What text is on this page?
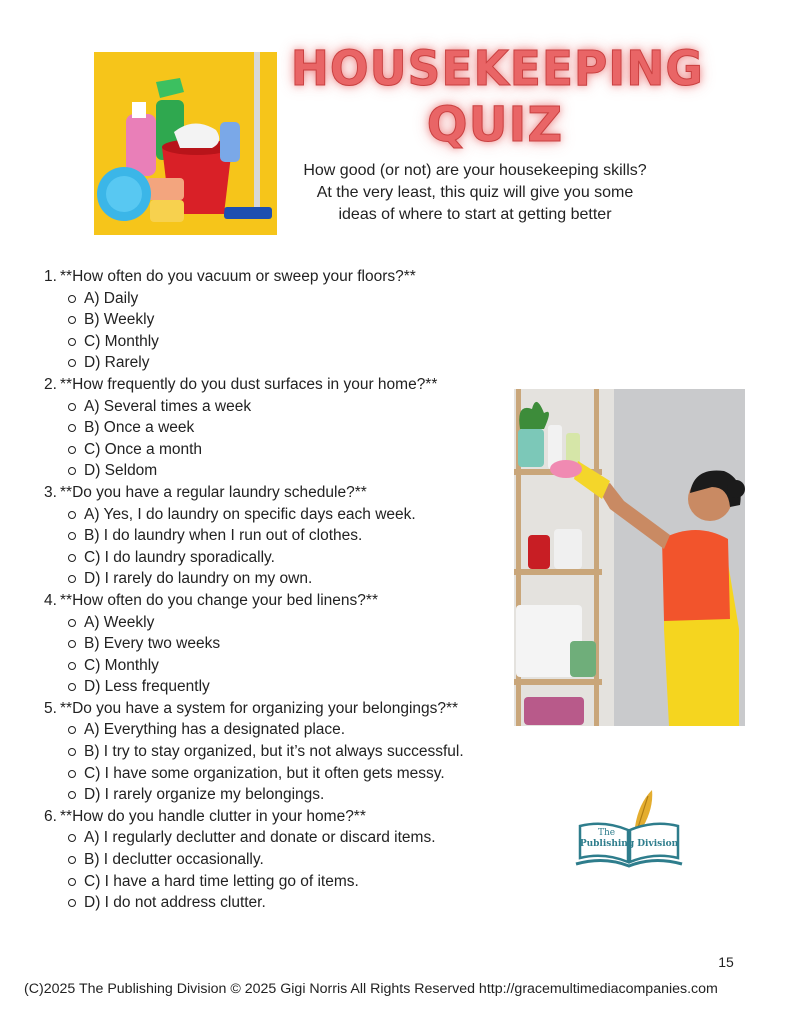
HOUSEKEEPING
QUIZ
How good (or not) are your housekeeping skills?
At the very least, this quiz will give you some
ideas of where to start at getting better
1. **How often do you vacuum or sweep your floors?**
A) Daily
B) Weekly
C) Monthly
D) Rarely
2. **How frequently do you dust surfaces in your home?**
A) Several times a week
B) Once a week
C) Once a month
D) Seldom
3. **Do you have a regular laundry schedule?**
A) Yes, I do laundry on specific days each week.
B) I do laundry when I run out of clothes.
C) I do laundry sporadically.
D) I rarely do laundry on my own.
4. **How often do you change your bed linens?**
A) Weekly
B) Every two weeks
C) Monthly
D) Less frequently
5. **Do you have a system for organizing your belongings?**
A) Everything has a designated place.
B) I try to stay organized, but it’s not always successful.
C) I have some organization, but it often gets messy.
D) I rarely organize my belongings.
6. **How do you handle clutter in your home?**
A) I regularly declutter and donate or discard items.
B) I declutter occasionally.
C) I have a hard time letting go of items.
D) I do not address clutter.
The
Publishing Division
15
(C)2025 The Publishing Division © 2025 Gigi Norris All Rights Reserved http://gracemultimediacompanies.com
